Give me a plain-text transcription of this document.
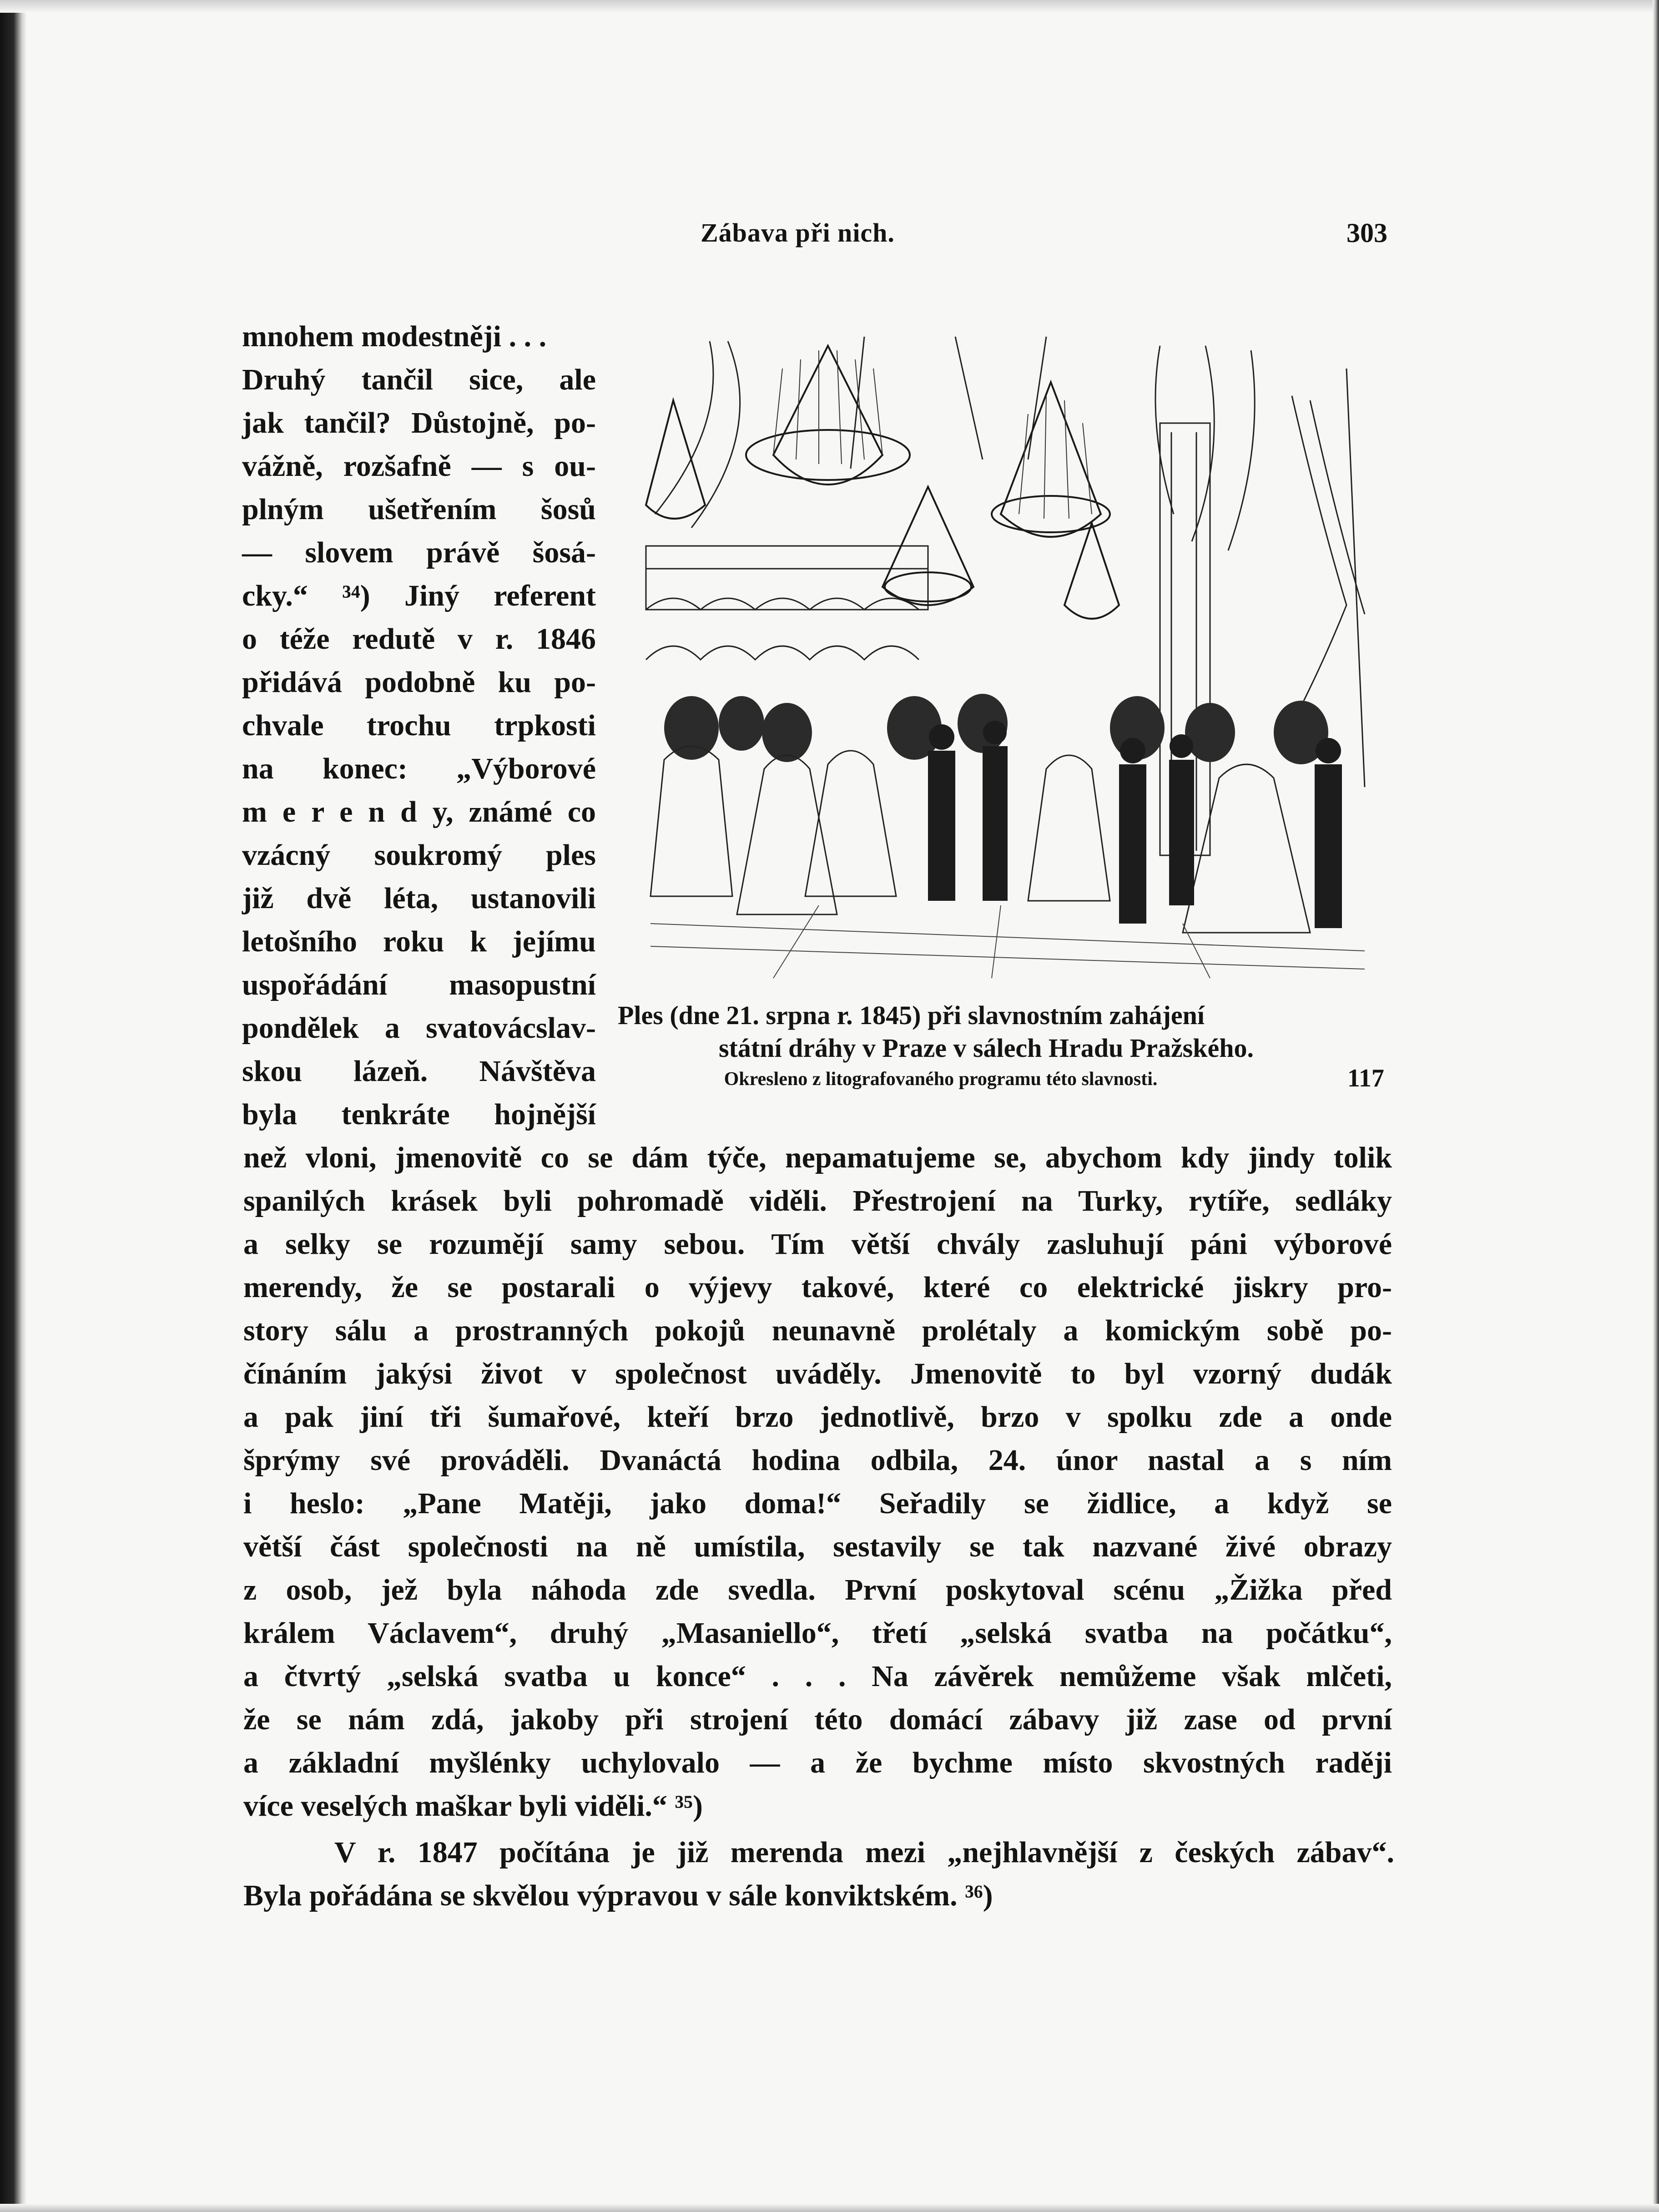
Zábava při nich.	303
mnohem modestněji . . .
Druhý tančil sice, ale
jak tančil? Důstojně, po-
vážně, rozšafně — s ou-
plným ušetřením šosů
— slovem právě šosá-
cky.“ ³⁴) Jiný referent
o téže redutě v r. 1846
přidává podobně ku po-
chvale trochu trpkosti
na konec: „Výborové
m e r e n d y, známé co
vzácný soukromý ples
již dvě léta, ustanovili
letošního roku k jejímu
uspořádání masopustní
pondělek a svatovácslav-
skou lázeň. Návštěva
byla tenkráte hojnější
Ples (dne 21. srpna r. 1845) při slavnostním zahájení
státní dráhy v Praze v sálech Hradu Pražského.
Okresleno z litografovaného programu této slavnosti.	117
než vloni, jmenovitě co se dám týče, nepamatujeme se, abychom kdy jindy tolik
spanilých krásek byli pohromadě viděli. Přestrojení na Turky, rytíře, sedláky
a selky se rozumějí samy sebou. Tím větší chvály zasluhují páni výborové
merendy, že se postarali o výjevy takové, které co elektrické jiskry pro-
story sálu a prostranných pokojů neunavně prolétaly a komickým sobě po-
čínáním jakýsi život v společnost uváděly. Jmenovitě to byl vzorný dudák
a pak jiní tři šumařové, kteří brzo jednotlivě, brzo v spolku zde a onde
šprýmy své prováděli. Dvanáctá hodina odbila, 24. únor nastal a s ním
i heslo: „Pane Matěji, jako doma!“ Seřadily se židlice, a když se
větší část společnosti na ně umístila, sestavily se tak nazvané živé obrazy
z osob, jež byla náhoda zde svedla. První poskytoval scénu „Žižka před
králem Václavem“, druhý „Masaniello“, třetí „selská svatba na počátku“,
a čtvrtý „selská svatba u konce“ . . . Na závěrek nemůžeme však mlčeti,
že se nám zdá, jakoby při strojení této domácí zábavy již zase od první
a základní myšlénky uchylovalo — a že bychme místo skvostných raději
více veselých maškar byli viděli.“ ³⁵)
V r. 1847 počítána je již merenda mezi „nejhlavnější z českých zábav“.
Byla pořádána se skvělou výpravou v sále konviktském. ³⁶)
